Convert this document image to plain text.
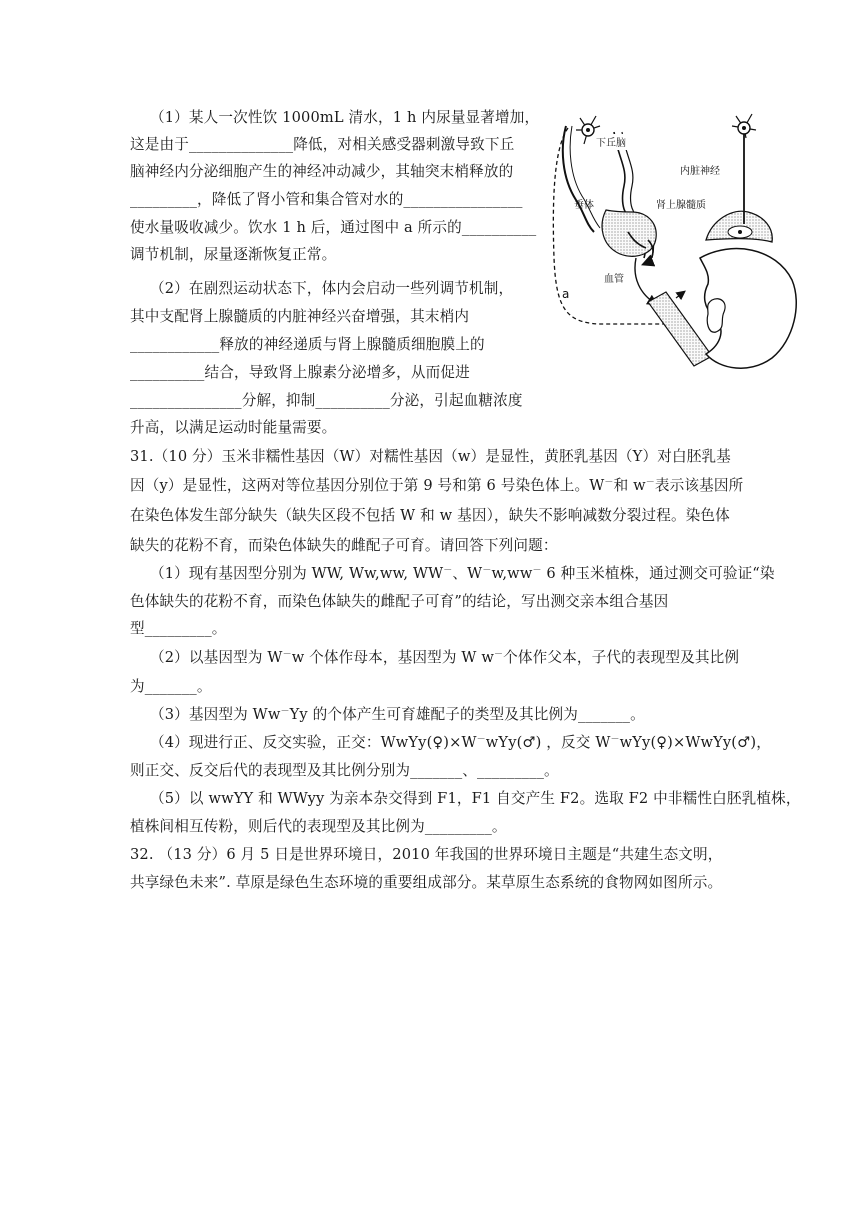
（1）某人一次性饮 1000mL 清水，1 h 内尿量显著增加，
这是由于______________降低，对相关感受器刺激导致下丘
脑神经内分泌细胞产生的神经冲动减少，其轴突末梢释放的
_________，降低了肾小管和集合管对水的________________
使水量吸收减少。饮水 1 h 后，通过图中 a 所示的__________
调节机制，尿量逐渐恢复正常。
（2）在剧烈运动状态下，体内会启动一些列调节机制，
其中支配肾上腺髓质的内脏神经兴奋增强，其末梢内
____________释放的神经递质与肾上腺髓质细胞膜上的
__________结合，导致肾上腺素分泌增多，从而促进
_______________分解，抑制__________分泌，引起血糖浓度
升高，以满足运动时能量需要。
下丘脑
垂体
血管
内脏神经
肾上腺髓质
a
31.（10 分）玉米非糯性基因（W）对糯性基因（w）是显性，黄胚乳基因（Y）对白胚乳基
因（y）是显性，这两对等位基因分别位于第 9 号和第 6 号染色体上。W－和 w－表示该基因所
在染色体发生部分缺失（缺失区段不包括 W 和 w 基因），缺失不影响减数分裂过程。染色体
缺失的花粉不育，而染色体缺失的雌配子可育。请回答下列问题：
（1）现有基因型分别为 WW, Ww,ww, WW－、W－w,ww－ 6 种玉米植株，通过测交可验证“染
色体缺失的花粉不育，而染色体缺失的雌配子可育”的结论，写出测交亲本组合基因
型_________。
（2）以基因型为 W－w 个体作母本，基因型为 W w－个体作父本，子代的表现型及其比例
为_______。
（3）基因型为 Ww－Yy 的个体产生可育雄配子的类型及其比例为_______。
（4）现进行正、反交实验，正交：WwYy(♀)×W－wYy(♂) ，反交 W－wYy(♀)×WwYy(♂)，
则正交、反交后代的表现型及其比例分别为_______、_________。
（5）以 wwYY 和 WWyy 为亲本杂交得到 F1，F1 自交产生 F2。选取 F2 中非糯性白胚乳植株，
植株间相互传粉，则后代的表现型及其比例为_________。
32. （13 分）6 月 5 日是世界环境日，2010 年我国的世界环境日主题是“共建生态文明，
共享绿色未来”. 草原是绿色生态环境的重要组成部分。某草原生态系统的食物网如图所示。
